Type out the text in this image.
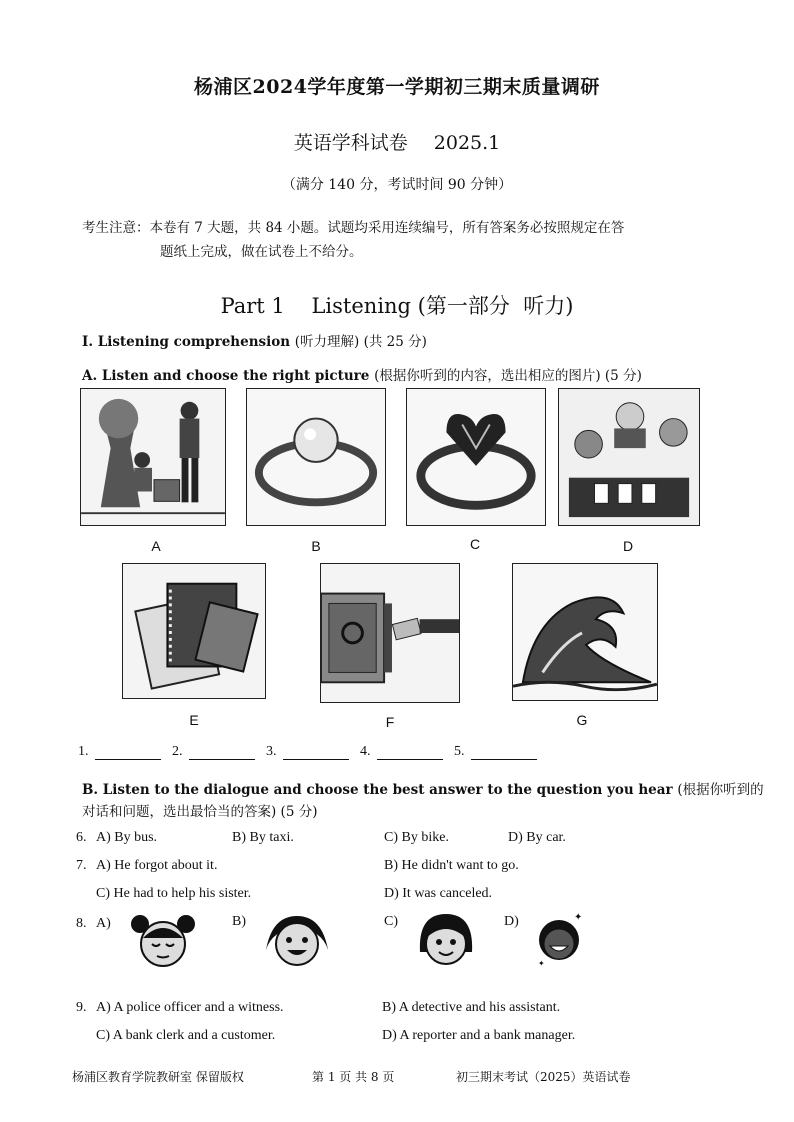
杨浦区2024学年度第一学期初三期末质量调研
英语学科试卷 2025.1
（满分 140 分，考试时间 90 分钟）
考生注意：本卷有 7 大题，共 84 小题。试题均采用连续编号，所有答案务必按照规定在答
题纸上完成，做在试卷上不给分。
Part 1    Listening (第一部分  听力)
I. Listening comprehension (听力理解) (共 25 分)
A. Listen and choose the right picture (根据你听到的内容，选出相应的图片) (5 分)
A	B	C	D
E	F	G
1.	2.	3.	4.	5.
B. Listen to the dialogue and choose the best answer to the question you hear (根据你听到的
对话和问题，选出最恰当的答案) (5 分)
6. A) By bus.	B) By taxi.	C) By bike.	D) By car.
7. A) He forgot about it.	B) He didn't want to go.
C) He had to help his sister.	D) It was canceled.
8. A)	B)	C)	D)	✦
✦
9. A) A police officer and a witness.	B) A detective and his assistant.
C) A bank clerk and a customer.	D) A reporter and a bank manager.
杨浦区教育学院教研室 保留版权	第 1 页 共 8 页	初三期末考试（2025）英语试卷
